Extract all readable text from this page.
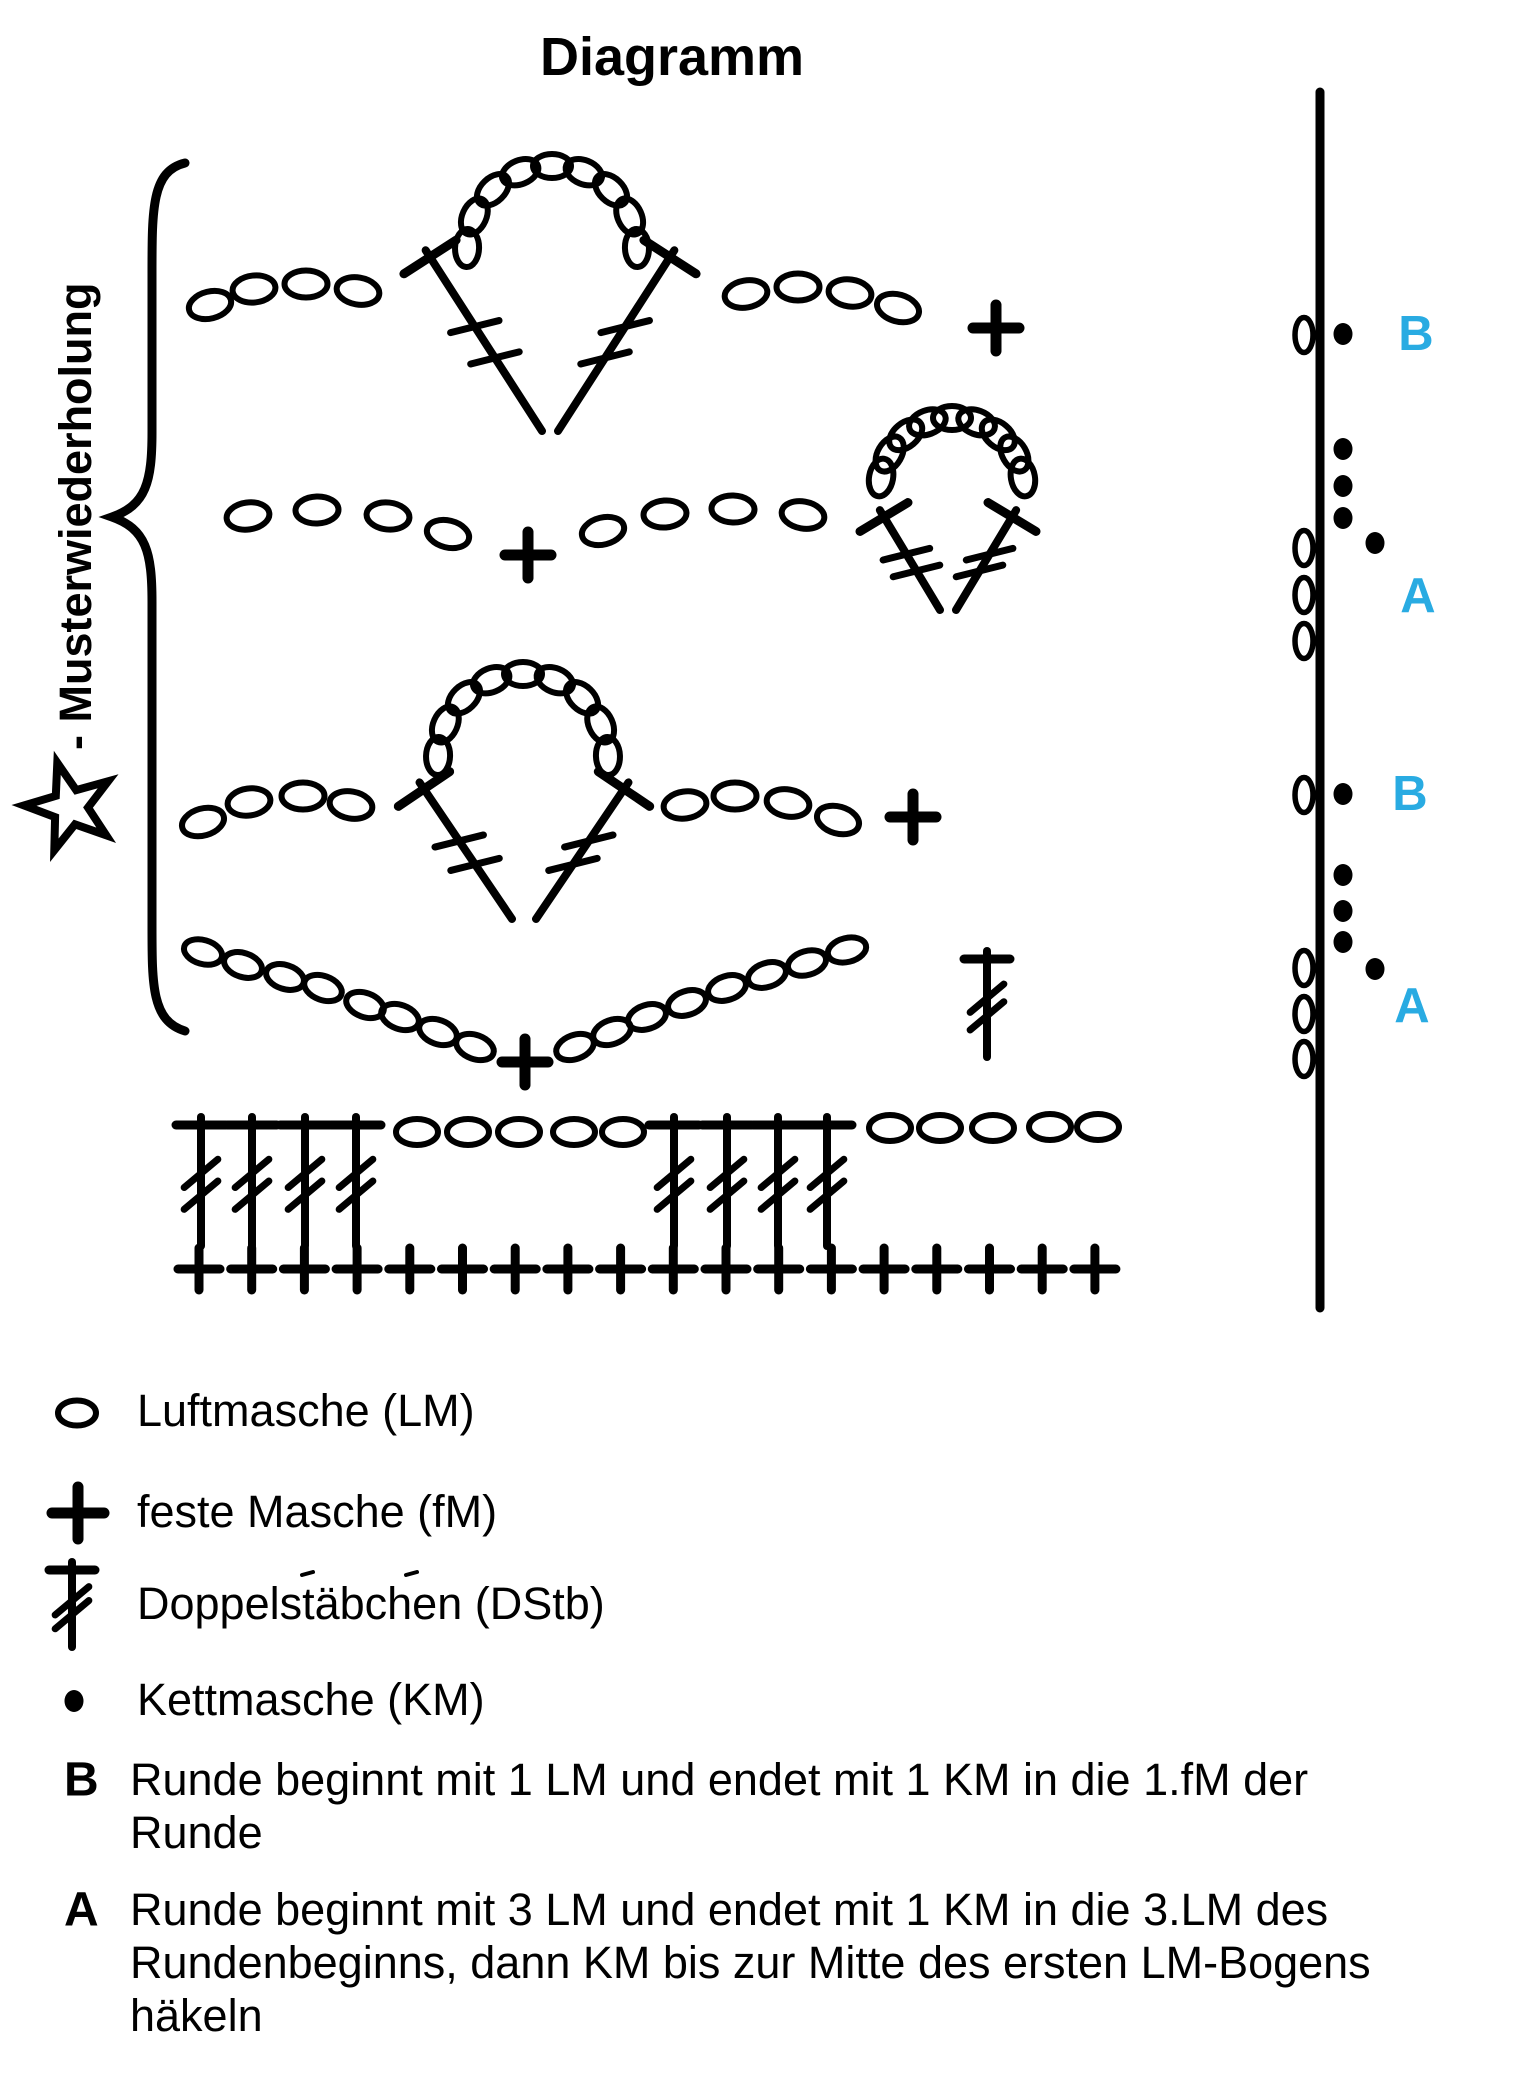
Diagramm
- Musterwiederholung	B
A
B
A
Luftmasche (LM)
feste Masche (fM)
Doppelstäbchen (DStb)
Kettmasche (KM)
B Runde beginnt mit 1 LM und endet mit 1 KM in die 1.fM der
Runde
A Runde beginnt mit 3 LM und endet mit 1 KM in die 3.LM des
Rundenbeginns, dann KM bis zur Mitte des ersten LM-Bogens
häkeln
